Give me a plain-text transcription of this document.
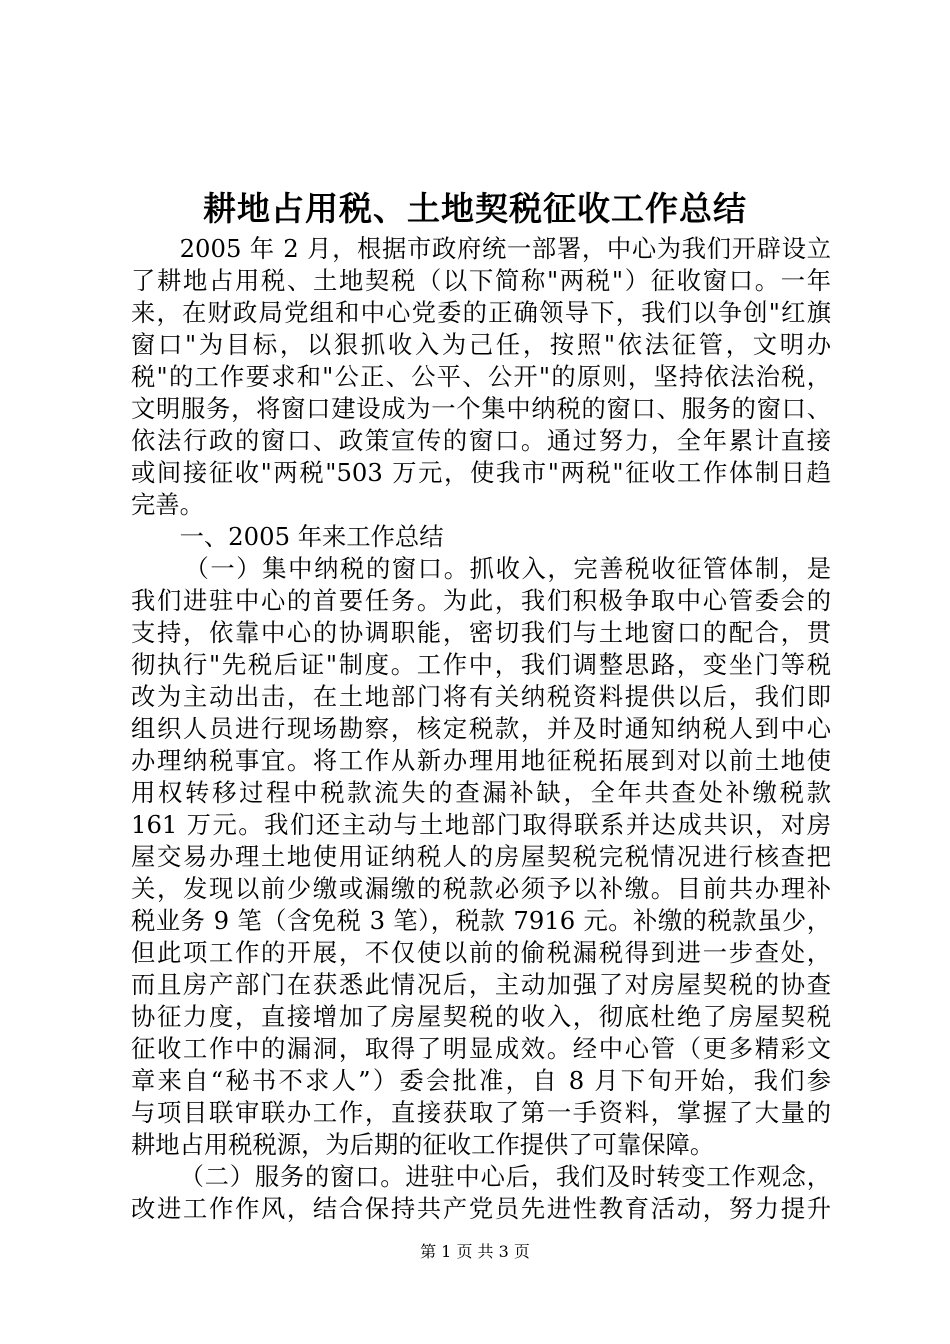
耕地占用税、土地契税征收工作总结
2005 年 2 月，根据市政府统一部署，中心为我们开辟设立
了耕地占用税、土地契税（以下简称"两税"）征收窗口。一年
来，在财政局党组和中心党委的正确领导下，我们以争创"红旗
窗口"为目标，以狠抓收入为己任，按照"依法征管，文明办
税"的工作要求和"公正、公平、公开"的原则，坚持依法治税，
文明服务，将窗口建设成为一个集中纳税的窗口、服务的窗口、
依法行政的窗口、政策宣传的窗口。通过努力，全年累计直接
或间接征收"两税"503 万元，使我市"两税"征收工作体制日趋
完善。
一、2005 年来工作总结
（一）集中纳税的窗口。抓收入，完善税收征管体制，是
我们进驻中心的首要任务。为此，我们积极争取中心管委会的
支持，依靠中心的协调职能，密切我们与土地窗口的配合，贯
彻执行"先税后证"制度。工作中，我们调整思路，变坐门等税
改为主动出击，在土地部门将有关纳税资料提供以后，我们即
组织人员进行现场勘察，核定税款，并及时通知纳税人到中心
办理纳税事宜。将工作从新办理用地征税拓展到对以前土地使
用权转移过程中税款流失的查漏补缺，全年共查处补缴税款
161 万元。我们还主动与土地部门取得联系并达成共识，对房
屋交易办理土地使用证纳税人的房屋契税完税情况进行核查把
关，发现以前少缴或漏缴的税款必须予以补缴。目前共办理补
税业务 9 笔（含免税 3 笔），税款 7916 元。补缴的税款虽少，
但此项工作的开展，不仅使以前的偷税漏税得到进一步查处，
而且房产部门在获悉此情况后，主动加强了对房屋契税的协查
协征力度，直接增加了房屋契税的收入，彻底杜绝了房屋契税
征收工作中的漏洞，取得了明显成效。经中心管（更多精彩文
章来自“秘书不求人”）委会批准，自 8 月下旬开始，我们参
与项目联审联办工作，直接获取了第一手资料，掌握了大量的
耕地占用税税源，为后期的征收工作提供了可靠保障。
（二）服务的窗口。进驻中心后，我们及时转变工作观念，
改进工作作风，结合保持共产党员先进性教育活动，努力提升
第 1 页 共 3 页
